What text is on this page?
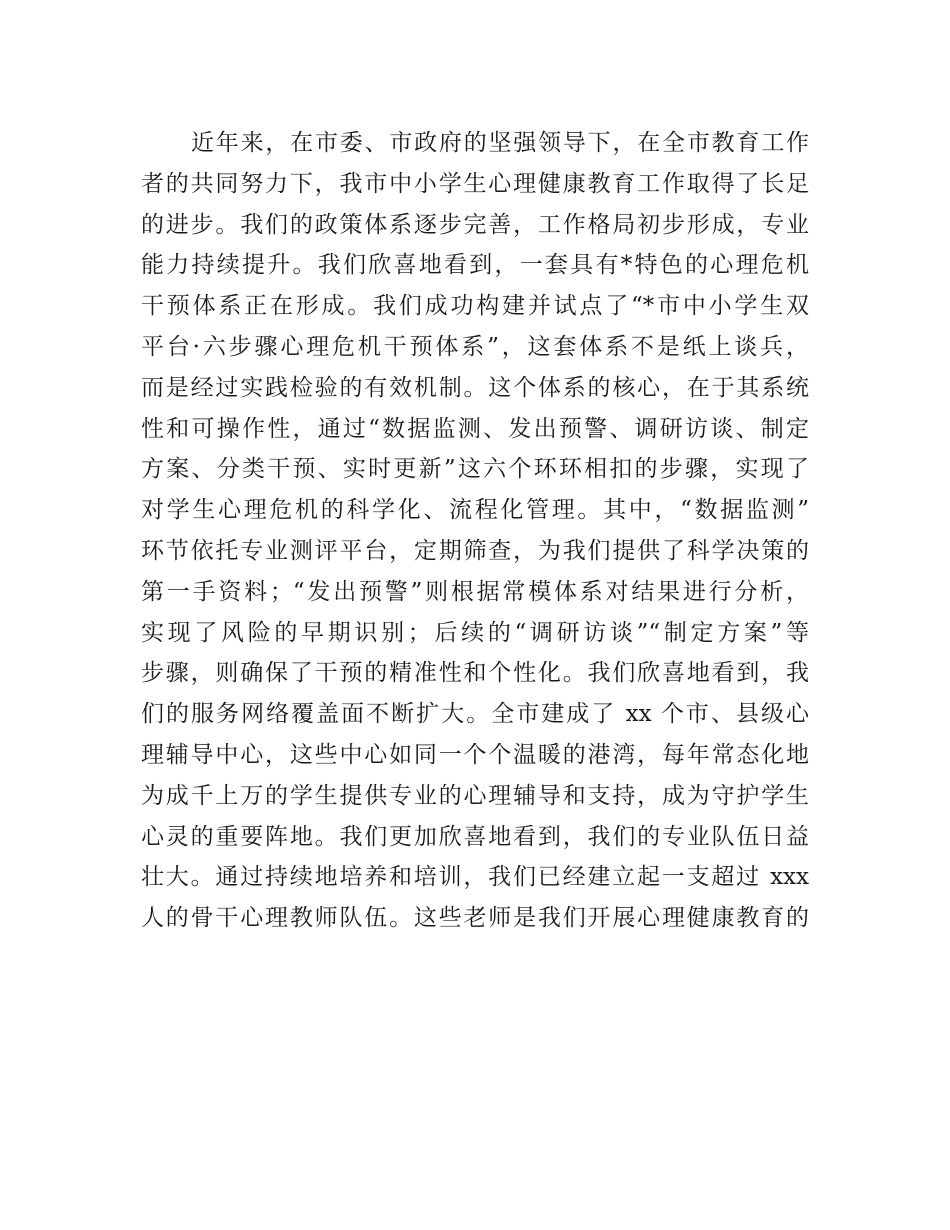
近年来，在市委、市政府的坚强领导下，在全市教育工作
者的共同努力下，我市中小学生心理健康教育工作取得了长足
的进步。我们的政策体系逐步完善，工作格局初步形成，专业
能力持续提升。我们欣喜地看到，一套具有*特色的心理危机
干预体系正在形成。我们成功构建并试点了“*市中小学生双
平台·六步骤心理危机干预体系”，这套体系不是纸上谈兵，
而是经过实践检验的有效机制。这个体系的核心，在于其系统
性和可操作性，通过“数据监测、发出预警、调研访谈、制定
方案、分类干预、实时更新”这六个环环相扣的步骤，实现了
对学生心理危机的科学化、流程化管理。其中，“数据监测”
环节依托专业测评平台，定期筛查，为我们提供了科学决策的
第一手资料；“发出预警”则根据常模体系对结果进行分析，
实现了风险的早期识别；后续的“调研访谈”“制定方案”等
步骤，则确保了干预的精准性和个性化。我们欣喜地看到，我
们的服务网络覆盖面不断扩大。全市建成了 xx 个市、县级心
理辅导中心，这些中心如同一个个温暖的港湾，每年常态化地
为成千上万的学生提供专业的心理辅导和支持，成为守护学生
心灵的重要阵地。我们更加欣喜地看到，我们的专业队伍日益
壮大。通过持续地培养和培训，我们已经建立起一支超过 xxx
人的骨干心理教师队伍。这些老师是我们开展心理健康教育的
